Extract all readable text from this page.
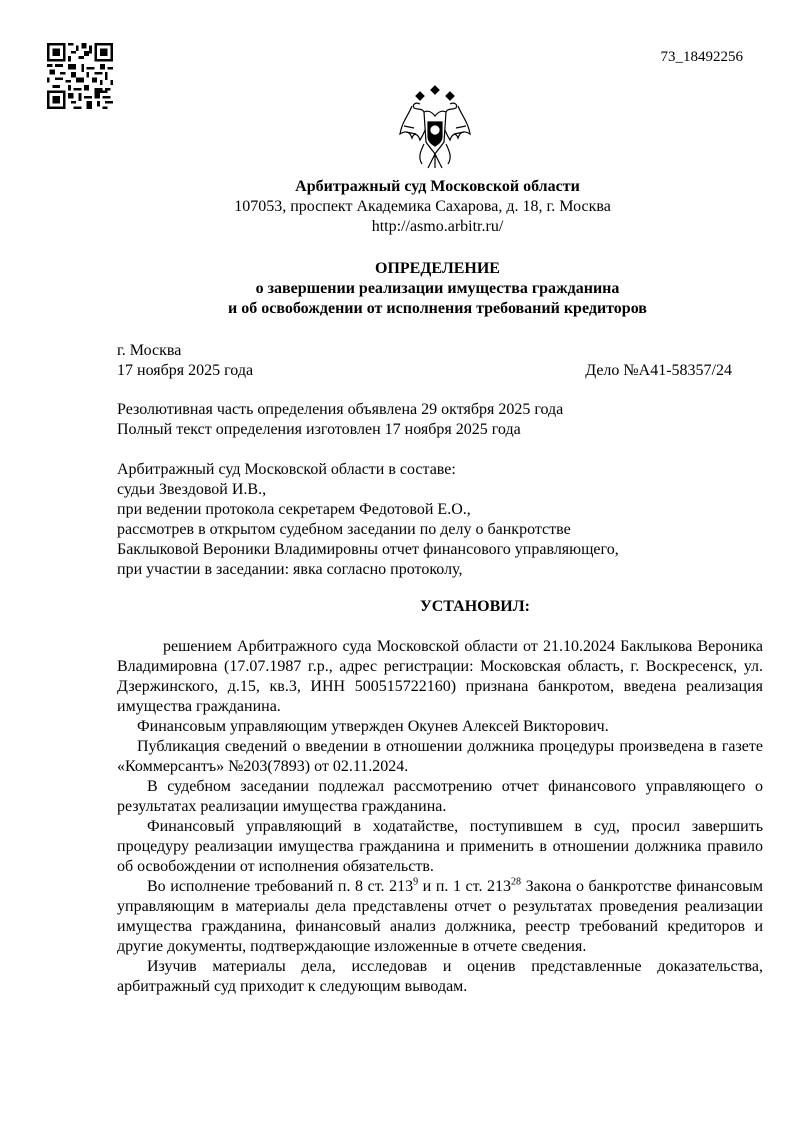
73_18492256
Арбитражный суд Московской области
107053, проспект Академика Сахарова, д. 18, г. Москва
http://asmo.arbitr.ru/
ОПРЕДЕЛЕНИЕ
о завершении реализации имущества гражданина
и об освобождении от исполнения требований кредиторов
г. Москва
17 ноября 2025 года	Дело №А41-58357/24
Резолютивная часть определения объявлена 29 октября 2025 года
Полный текст определения изготовлен 17 ноября 2025 года
Арбитражный суд Московской области в составе:
судьи Звездовой И.В.,
при ведении протокола секретарем Федотовой Е.О.,
рассмотрев в открытом судебном заседании по делу о банкротстве
Баклыковой Вероники Владимировны отчет финансового управляющего,
при участии в заседании: явка согласно протоколу,
УСТАНОВИЛ:

решением Арбитражного суда Московской области от 21.10.2024 Баклыкова Вероника Владимировна (17.07.1987 г.р., адрес регистрации: Московская область, г. Воскресенск, ул. Дзержинского, д.15, кв.3, ИНН 500515722160) признана банкротом, введена реализация имущества гражданина.

Финансовым управляющим утвержден Окунев Алексей Викторович.

Публикация сведений о введении в отношении должника процедуры произведена в газете «Коммерсантъ» №203(7893) от 02.11.2024.

В судебном заседании подлежал рассмотрению отчет финансового управляющего о результатах реализации имущества гражданина.

Финансовый управляющий в ходатайстве, поступившем в суд, просил завершить процедуру реализации имущества гражданина и применить в отношении должника правило об освобождении от исполнения обязательств.

Во исполнение требований п. 8 ст. $213^9$ и п. 1 ст. $213^{28}$ Закона о банкротстве финансовым управляющим в материалы дела представлены отчет о результатах проведения реализации имущества гражданина, финансовый анализ должника, реестр требований кредиторов и другие документы, подтверждающие изложенные в отчете сведения.

Изучив материалы дела, исследовав и оценив представленные доказательства, арбитражный суд приходит к следующим выводам.
